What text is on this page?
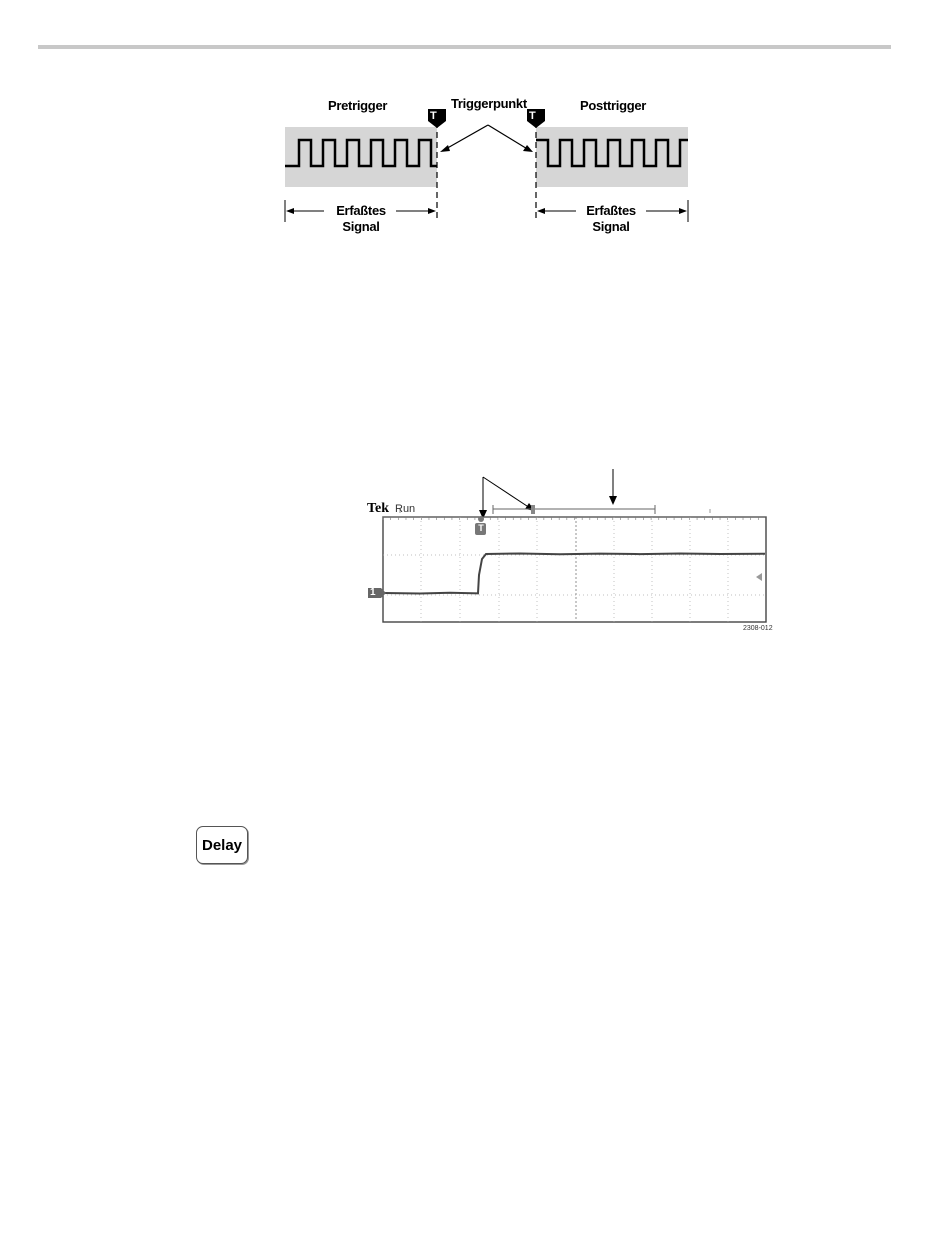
Pretrigger	Triggerpunkt	Posttrigger
T	T
Erfaßtes
Signal
Erfaßtes
Signal
Tek Run
T
1
2308-012
Delay
